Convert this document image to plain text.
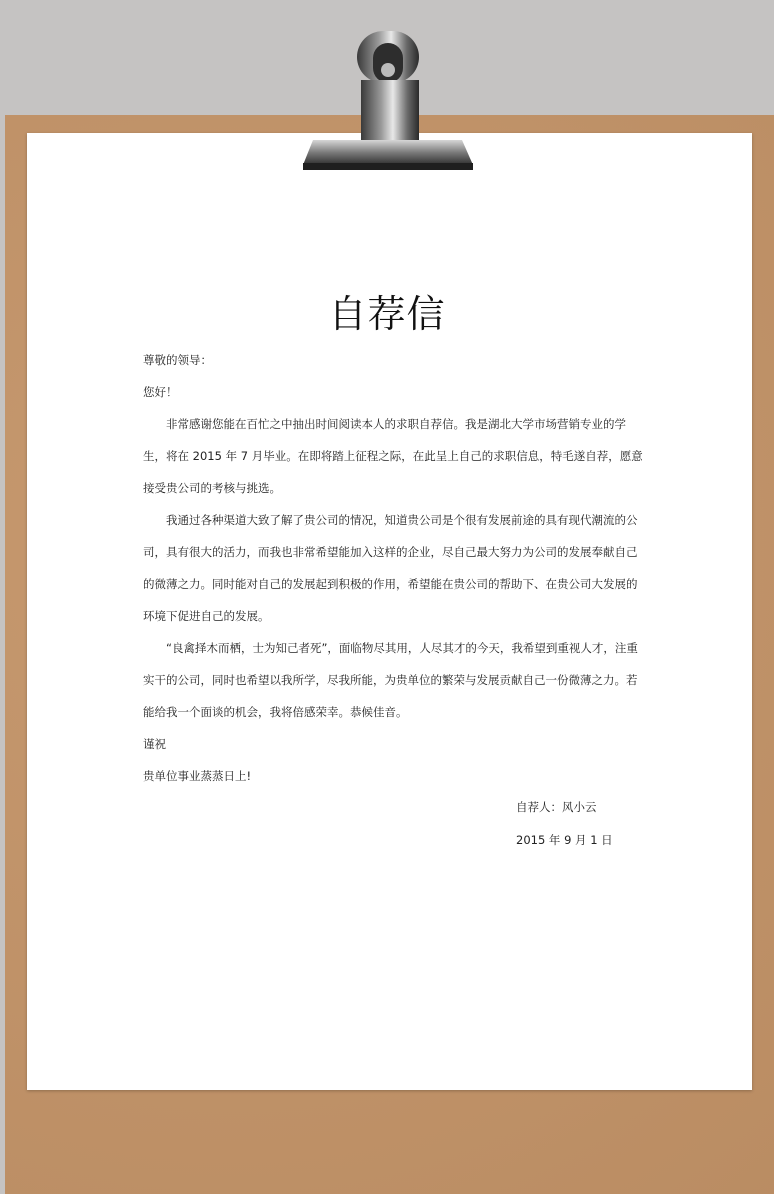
自荐信

尊敬的领导：

您好！

非常感谢您能在百忙之中抽出时间阅读本人的求职自荐信。我是湖北大学市场营销专业的学生，将在 2015 年 7 月毕业。在即将踏上征程之际，在此呈上自己的求职信息，特毛遂自荐，愿意接受贵公司的考核与挑选。

我通过各种渠道大致了解了贵公司的情况，知道贵公司是个很有发展前途的具有现代潮流的公司，具有很大的活力，而我也非常希望能加入这样的企业，尽自己最大努力为公司的发展奉献自己的微薄之力。同时能对自己的发展起到积极的作用，希望能在贵公司的帮助下、在贵公司大发展的环境下促进自己的发展。

“良禽择木而栖，士为知己者死”，面临物尽其用，人尽其才的今天，我希望到重视人才，注重实干的公司，同时也希望以我所学，尽我所能，为贵单位的繁荣与发展贡献自己一份微薄之力。若能给我一个面谈的机会，我将倍感荣幸。恭候佳音。

谨祝

贵单位事业蒸蒸日上!

自荐人：风小云
2015 年 9 月 1 日
